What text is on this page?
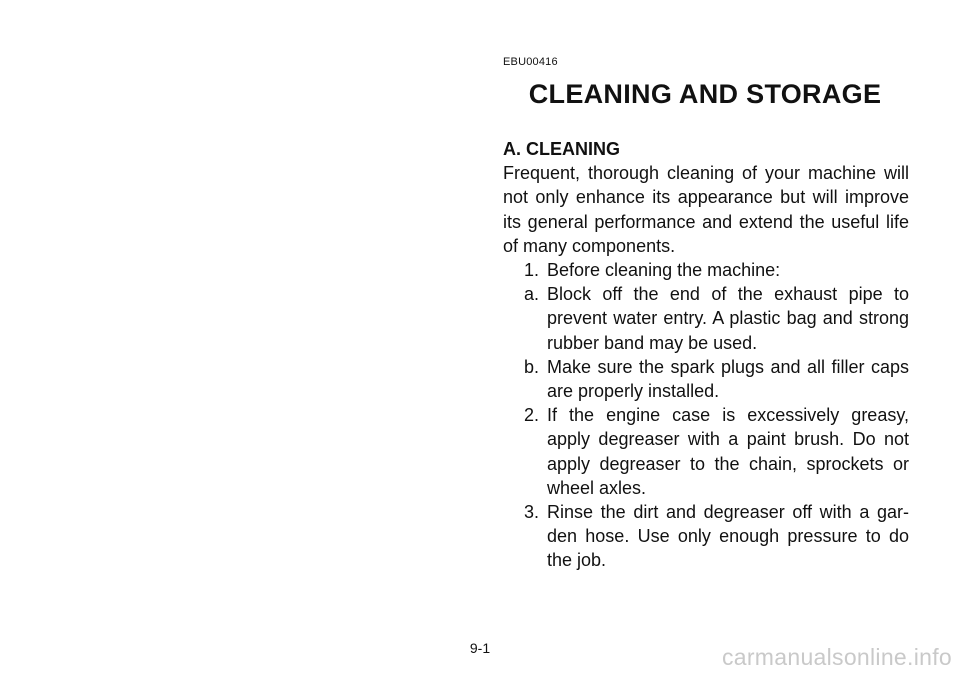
EBU00416
CLEANING AND STORAGE

A. CLEANING

Frequent, thorough cleaning of your machine will not only enhance its appearance but will improve its general performance and extend the useful life of many components.

1. Before cleaning the machine:
a. Block off the end of the exhaust pipe to prevent water entry. A plastic bag and strong rubber band may be used.
b. Make sure the spark plugs and all filler caps are properly installed.
2. If the engine case is excessively greasy, apply degreaser with a paint brush. Do not apply degreaser to the chain, sprockets or wheel axles.
3. Rinse the dirt and degreaser off with a gar-den hose. Use only enough pressure to do the job.
9-1	carmanualsonline.info
